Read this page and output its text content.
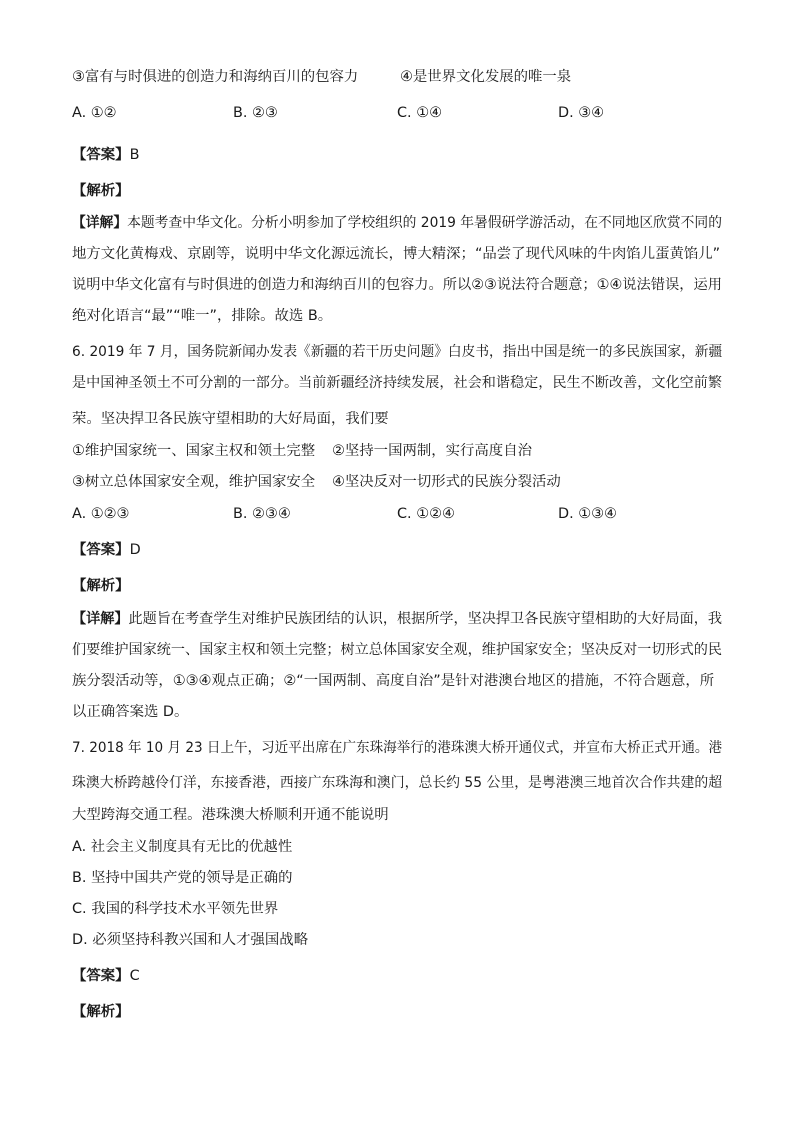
③富有与时俱进的创造力和海纳百川的包容力	④是世界文化发展的唯一泉
A. ①②	B. ②③	C. ①④	D. ③④
【答案】B
【解析】
【详解】本题考查中华文化。分析小明参加了学校组织的 2019 年暑假研学游活动，在不同地区欣赏不同的
地方文化黄梅戏、京剧等，说明中华文化源远流长，博大精深；“品尝了现代风味的牛肉馅儿蛋黄馅儿”
说明中华文化富有与时俱进的创造力和海纳百川的包容力。所以②③说法符合题意；①④说法错误，运用
绝对化语言“最”“唯一”，排除。故选 B。
6. 2019 年 7 月，国务院新闻办发表《新疆的若干历史问题》白皮书，指出中国是统一的多民族国家，新疆
是中国神圣领土不可分割的一部分。当前新疆经济持续发展，社会和谐稳定，民生不断改善，文化空前繁
荣。坚决捍卫各民族守望相助的大好局面，我们要
①维护国家统一、国家主权和领土完整 ②坚持一国两制，实行高度自治
③树立总体国家安全观，维护国家安全 ④坚决反对一切形式的民族分裂活动
A. ①②③	B. ②③④	C. ①②④	D. ①③④
【答案】D
【解析】
【详解】此题旨在考查学生对维护民族团结的认识，根据所学，坚决捍卫各民族守望相助的大好局面，我
们要维护国家统一、国家主权和领土完整；树立总体国家安全观，维护国家安全；坚决反对一切形式的民
族分裂活动等，①③④观点正确；②“一国两制、高度自治”是针对港澳台地区的措施，不符合题意，所
以正确答案选 D。
7. 2018 年 10 月 23 日上午，习近平出席在广东珠海举行的港珠澳大桥开通仪式，并宣布大桥正式开通。港
珠澳大桥跨越伶仃洋，东接香港，西接广东珠海和澳门，总长约 55 公里，是粤港澳三地首次合作共建的超
大型跨海交通工程。港珠澳大桥顺利开通不能说明
A. 社会主义制度具有无比的优越性
B. 坚持中国共产党的领导是正确的
C. 我国的科学技术水平领先世界
D. 必须坚持科教兴国和人才强国战略
【答案】C
【解析】
